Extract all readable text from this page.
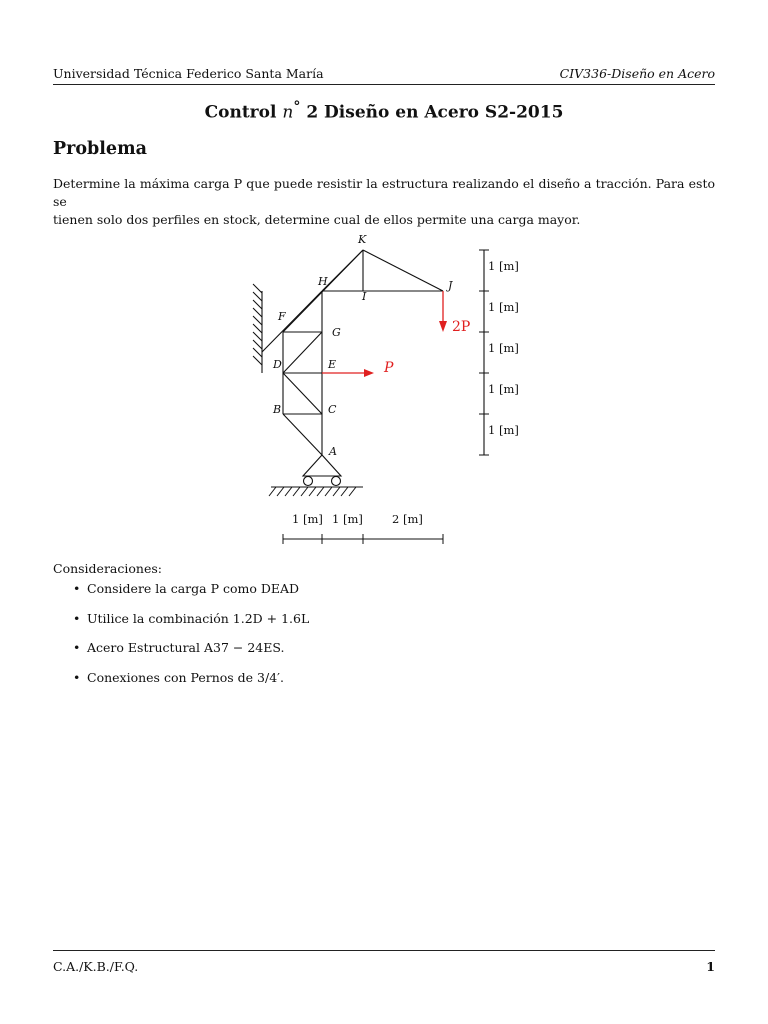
Universidad Técnica Federico Santa María	CIV336-Diseño en Acero
Control n° 2 Diseño en Acero S2-2015
Problema
Determine la máxima carga P que puede resistir la estructura realizando el diseño a tracción. Para esto se
tienen solo dos perfiles en stock, determine cual de ellos permite una carga mayor.
P
2P
K
H
I
J
F
G
D	E
B	C
A
1 [m]
1 [m]
1 [m]
1 [m]
1 [m]
1 [m] 1 [m]	2 [m]
Consideraciones:
• Considere la carga P como DEAD
• Utilice la combinación 1.2D + 1.6L
• Acero Estructural A37 − 24ES.
• Conexiones con Pernos de 3/4′.
C.A./K.B./F.Q.	1
